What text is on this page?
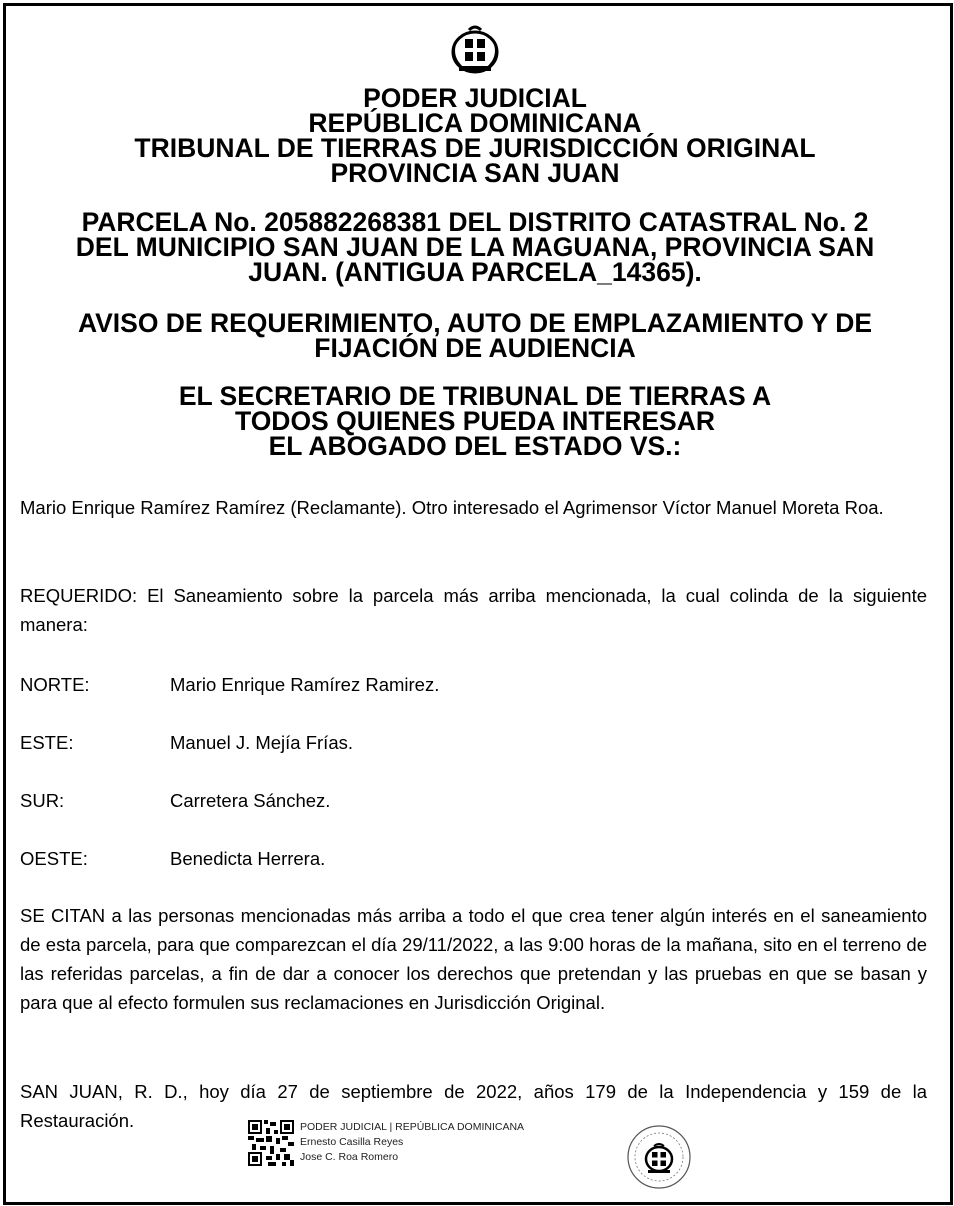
PODER JUDICIAL
REPÚBLICA DOMINICANA
TRIBUNAL DE TIERRAS DE JURISDICCIÓN ORIGINAL
PROVINCIA SAN JUAN
PARCELA No. 205882268381 DEL DISTRITO CATASTRAL No. 2
DEL MUNICIPIO SAN JUAN DE LA MAGUANA, PROVINCIA SAN
JUAN. (ANTIGUA PARCELA_14365).
AVISO DE REQUERIMIENTO, AUTO DE EMPLAZAMIENTO Y DE
FIJACIÓN DE AUDIENCIA
EL SECRETARIO DE TRIBUNAL DE TIERRAS A
TODOS QUIENES PUEDA INTERESAR
EL ABOGADO DEL ESTADO VS.:

Mario Enrique Ramírez Ramírez (Reclamante). Otro interesado el Agrimensor Víctor Manuel Moreta Roa.

REQUERIDO: El Saneamiento sobre la parcela más arriba mencionada, la cual colinda de la siguiente manera:

NORTE:	Mario Enrique Ramírez Ramirez.
ESTE:	Manuel J. Mejía Frías.
SUR:	Carretera Sánchez.
OESTE:	Benedicta Herrera.

SE CITAN a las personas mencionadas más arriba a todo el que crea tener algún interés en el saneamiento de esta parcela, para que comparezcan el día 29/11/2022, a las 9:00 horas de la mañana, sito en el terreno de las referidas parcelas, a fin de dar a conocer los derechos que pretendan y las pruebas en que se basan y para que al efecto formulen sus reclamaciones en Jurisdicción Original.

SAN JUAN, R. D., hoy día 27 de septiembre de 2022, años 179 de la Independencia y 159 de la Restauración.	PODER JUDICIAL | REPÚBLICA DOMINICANA
Ernesto Casilla Reyes
Jose C. Roa Romero
